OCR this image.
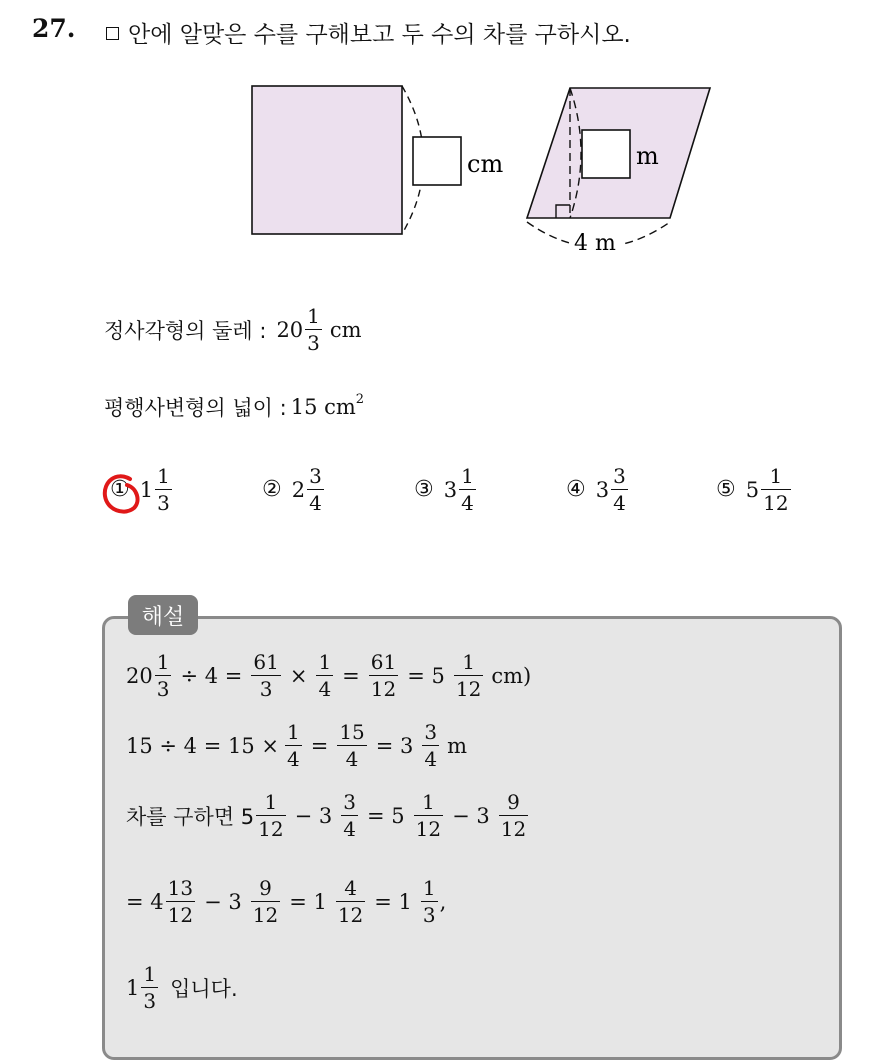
27.	안에 알맞은 수를 구해보고 두 수의 차를 구하시오.
cm	m
4 m
정사각형의 둘레 : $20 \frac{1}{3}$ cm
평행사변형의 넓이 : 15 $cm^2$
① $1 \frac{1}{3}$	② $2 \frac{3}{4}$	③ $3 \frac{1}{4}$	④ $3 \frac{3}{4}$	⑤ $5 \frac{1}{12}$
해설
$20 \frac{1}{3} \div 4 = \frac{61}{3} \times \frac{1}{4} = \frac{61}{12} = 5 \frac{1}{12} cm$)
$15 \div 4 = 15 \times \frac{1}{4} = \frac{15}{4} = 3 \frac{3}{4}$ m
차를 구하면 $5 \frac{1}{12} - 3 \frac{3}{4} = 5 \frac{1}{12} - 3 \frac{9}{12}$
= $4 \frac{13}{12} - 3 \frac{9}{12} = 1 \frac{4}{12} = 1 \frac{1}{3}$ ,
$1 \frac{1}{3}$ 입니다.
